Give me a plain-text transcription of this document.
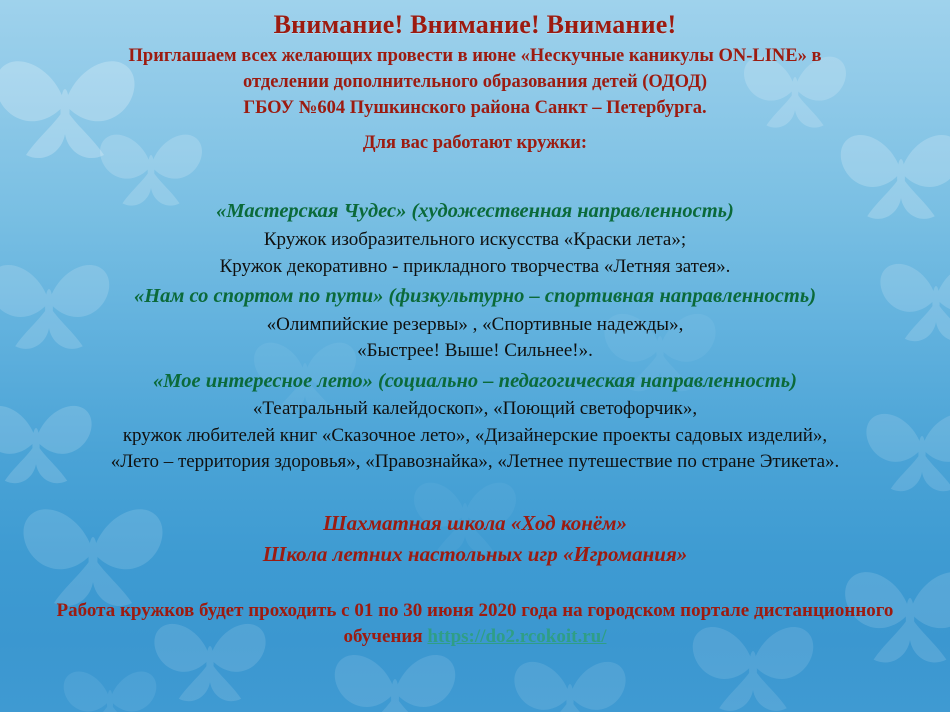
Внимание! Внимание! Внимание!
Приглашаем всех желающих провести в июне «Нескучные каникулы ON-LINE» в
отделении дополнительного образования детей (ОДОД)
ГБОУ №604 Пушкинского района Санкт – Петербурга.
Для вас работают кружки:
«Мастерская Чудес» (художественная направленность)
Кружок изобразительного искусства «Краски лета»;
Кружок декоративно - прикладного творчества «Летняя затея».
«Нам со спортом по пути» (физкультурно – спортивная направленность)
«Олимпийские резервы» , «Спортивные надежды»,
«Быстрее! Выше! Сильнее!».
«Мое интересное лето» (социально – педагогическая направленность)
«Театральный калейдоскоп», «Поющий светофорчик»,
кружок любителей книг «Сказочное лето», «Дизайнерские проекты садовых изделий»,
«Лето – территория здоровья», «Правознайка», «Летнее путешествие по стране Этикета».
Шахматная школа «Ход конём»
Школа летних настольных игр «Игромания»
Работа кружков будет проходить с 01 по 30 июня 2020 года на городском портале дистанционного обучения https://do2.rcokoit.ru/
